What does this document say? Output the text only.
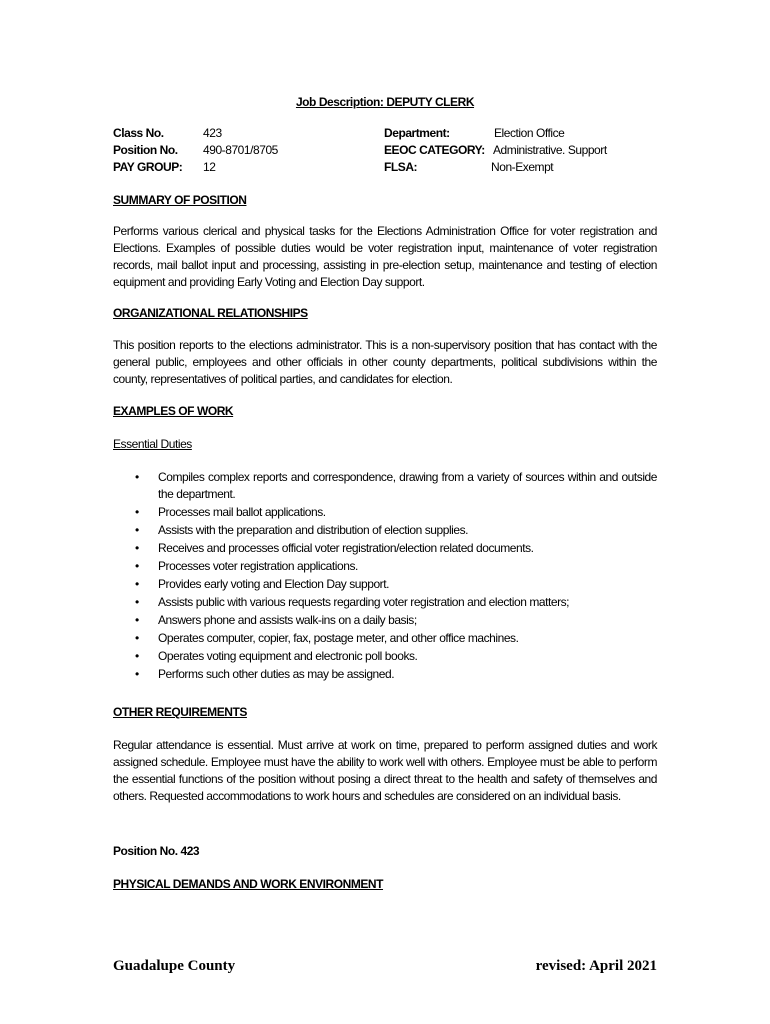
Job Description: DEPUTY CLERK
Class No.	423	Department:	Election Office
Position No. 490-8701/8705	EEOC CATEGORY: Administrative. Support
PAY GROUP: 12	FLSA:	Non-Exempt
SUMMARY OF POSITION
Performs various clerical and physical tasks for the Elections Administration Office for voter registration and Elections. Examples of possible duties would be voter registration input, maintenance of voter registration records, mail ballot input and processing, assisting in pre-election setup, maintenance and testing of election equipment and providing Early Voting and Election Day support.
ORGANIZATIONAL RELATIONSHIPS
This position reports to the elections administrator. This is a non-supervisory position that has contact with the general public, employees and other officials in other county departments, political subdivisions within the county, representatives of political parties, and candidates for election.
EXAMPLES OF WORK
Essential Duties
• Compiles complex reports and correspondence, drawing from a variety of sources within and outside the department.
• Processes mail ballot applications.
• Assists with the preparation and distribution of election supplies.
• Receives and processes official voter registration/election related documents.
• Processes voter registration applications.
• Provides early voting and Election Day support.
• Assists public with various requests regarding voter registration and election matters;
• Answers phone and assists walk-ins on a daily basis;
• Operates computer, copier, fax, postage meter, and other office machines.
• Operates voting equipment and electronic poll books.
• Performs such other duties as may be assigned.
OTHER REQUIREMENTS
Regular attendance is essential. Must arrive at work on time, prepared to perform assigned duties and work assigned schedule. Employee must have the ability to work well with others. Employee must be able to perform the essential functions of the position without posing a direct threat to the health and safety of themselves and others. Requested accommodations to work hours and schedules are considered on an individual basis.
Position No. 423
PHYSICAL DEMANDS AND WORK ENVIRONMENT
Guadalupe County	revised: April 2021
